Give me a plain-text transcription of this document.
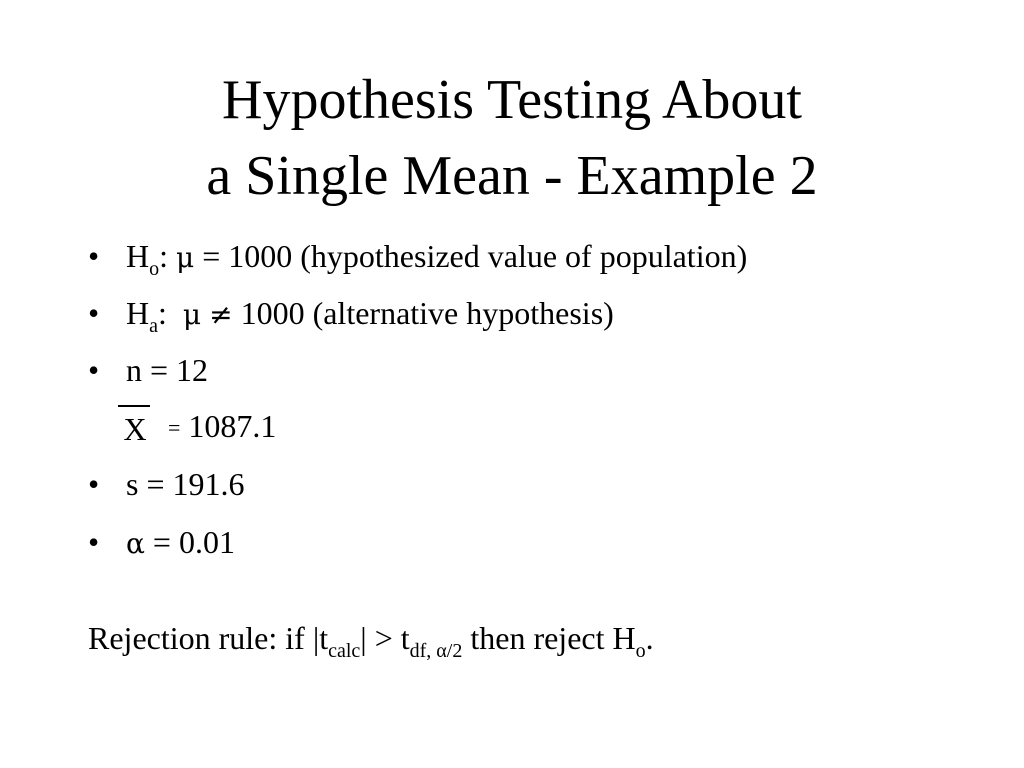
Hypothesis Testing About
a Single Mean - Example 2
• $H_o$: μ = 1000 (hypothesized value of population)
• $H_a$: μ ≠ 1000 (alternative hypothesis)
• n = 12
X = 1087.1
• s = 191.6
• α = 0.01
Rejection rule: if $|t_{calc}| > t_{df, \alpha/2}$ then reject $H_o$.
